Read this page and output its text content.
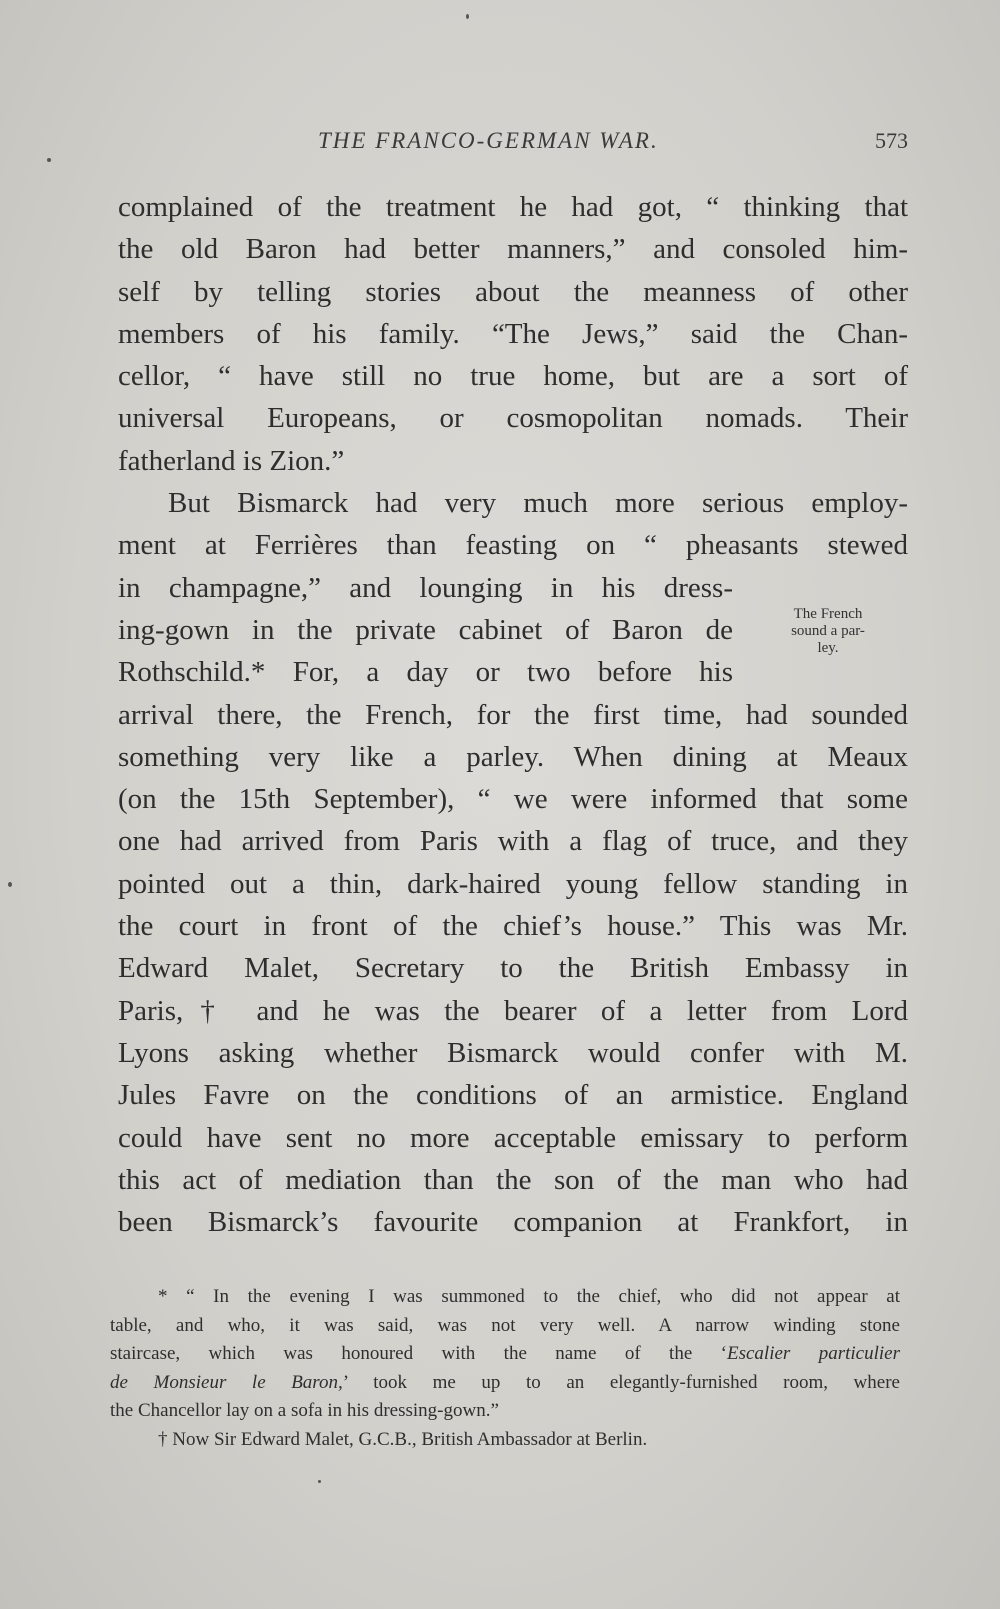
THE FRANCO-GERMAN WAR.	573
complained of the treatment he had got, “ thinking that
the old Baron had better manners,” and consoled him-
self by telling stories about the meanness of other
members of his family. “The Jews,” said the Chan-
cellor, “ have still no true home, but are a sort of
universal Europeans, or cosmopolitan nomads. Their
fatherland is Zion.”
But Bismarck had very much more serious employ-
ment at Ferrières than feasting on “ pheasants stewed
in champagne,” and lounging in his dress-
ing-gown in the private cabinet of Baron de
Rothschild.* For, a day or two before his
arrival there, the French, for the first time, had sounded
something very like a parley. When dining at Meaux
(on the 15th September), “ we were informed that some
one had arrived from Paris with a flag of truce, and they
pointed out a thin, dark-haired young fellow standing in
the court in front of the chief’s house.” This was Mr.
Edward Malet, Secretary to the British Embassy in
Paris,† and he was the bearer of a letter from Lord
Lyons asking whether Bismarck would confer with M.
Jules Favre on the conditions of an armistice. England
could have sent no more acceptable emissary to perform
this act of mediation than the son of the man who had
been Bismarck’s favourite companion at Frankfort, in
The French
sound a par-
ley.
* “ In the evening I was summoned to the chief, who did not appear at
table, and who, it was said, was not very well. A narrow winding stone
staircase, which was honoured with the name of the ‘Escalier particulier
de Monsieur le Baron,’ took me up to an elegantly-furnished room, where
the Chancellor lay on a sofa in his dressing-gown.”
† Now Sir Edward Malet, G.C.B., British Ambassador at Berlin.
